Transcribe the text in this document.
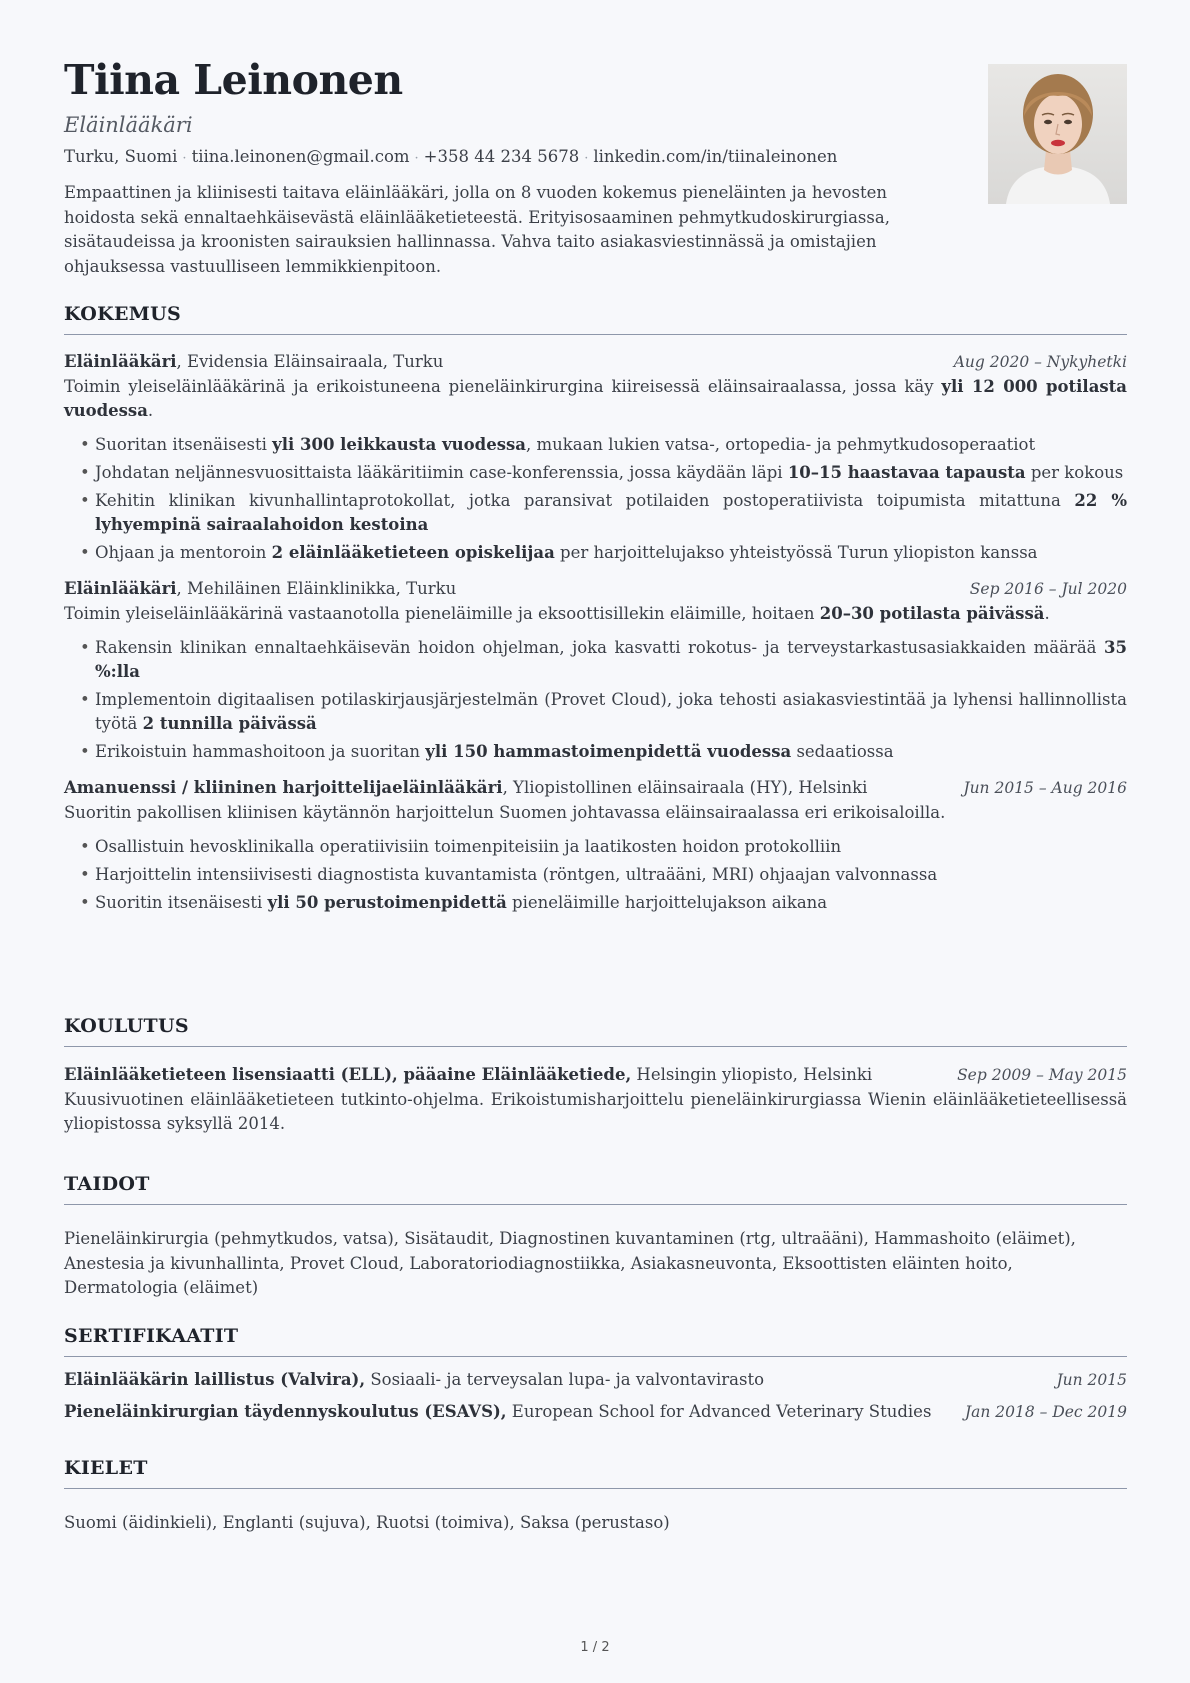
Tiina Leinonen
Eläinlääkäri
Turku, Suomi · tiina.leinonen@gmail.com · +358 44 234 5678 · linkedin.com/in/tiinaleinonen
Empaattinen ja kliinisesti taitava eläinlääkäri, jolla on 8 vuoden kokemus pieneläinten ja hevosten hoidosta sekä ennaltaehkäisevästä eläinlääketieteestä. Erityisosaaminen pehmytkudoskirurgiassa, sisätaudeissa ja kroonisten sairauksien hallinnassa. Vahva taito asiakasviestinnässä ja omistajien ohjauksessa vastuulliseen lemmikkienpitoon.
KOKEMUS
Eläinlääkäri, Evidensia Eläinsairaala, Turku	Aug 2020 – Nykyhetki
Toimin yleiseläinlääkärinä ja erikoistuneena pieneläinkirurgina kiireisessä eläinsairaalassa, jossa käy yli 12 000 potilasta vuodessa.
• Suoritan itsenäisesti yli 300 leikkausta vuodessa, mukaan lukien vatsa-, ortopedia- ja pehmytkudosoperaatiot
• Johdatan neljännesvuosittaista lääkäritiimin case-konferenssia, jossa käydään läpi 10–15 haastavaa tapausta per kokous
• Kehitin klinikan kivunhallintaprotokollat, jotka paransivat potilaiden postoperatiivista toipumista mitattuna 22 % lyhyempinä sairaalahoidon kestoina
• Ohjaan ja mentoroin 2 eläinlääketieteen opiskelijaa per harjoittelujakso yhteistyössä Turun yliopiston kanssa
Eläinlääkäri, Mehiläinen Eläinklinikka, Turku	Sep 2016 – Jul 2020
Toimin yleiseläinlääkärinä vastaanotolla pieneläimille ja eksoottisillekin eläimille, hoitaen 20–30 potilasta päivässä.
• Rakensin klinikan ennaltaehkäisevän hoidon ohjelman, joka kasvatti rokotus- ja terveystarkastusasiakkaiden määrää 35 %:lla
• Implementoin digitaalisen potilaskirjausjärjestelmän (Provet Cloud), joka tehosti asiakasviestintää ja lyhensi hallinnollista työtä 2 tunnilla päivässä
• Erikoistuin hammashoitoon ja suoritan yli 150 hammastoimenpidettä vuodessa sedaatiossa
Amanuenssi / kliininen harjoittelijaeläinlääkäri, Yliopistollinen eläinsairaala (HY), Helsinki	Jun 2015 – Aug 2016
Suoritin pakollisen kliinisen käytännön harjoittelun Suomen johtavassa eläinsairaalassa eri erikoisaloilla.
• Osallistuin hevosklinikalla operatiivisiin toimenpiteisiin ja laatikosten hoidon protokolliin
• Harjoittelin intensiivisesti diagnostista kuvantamista (röntgen, ultraääni, MRI) ohjaajan valvonnassa
• Suoritin itsenäisesti yli 50 perustoimenpidettä pieneläimille harjoittelujakson aikana
KOULUTUS
Eläinlääketieteen lisensiaatti (ELL), pääaine Eläinlääketiede, Helsingin yliopisto, Helsinki	Sep 2009 – May 2015
Kuusivuotinen eläinlääketieteen tutkinto-ohjelma. Erikoistumisharjoittelu pieneläinkirurgiassa Wienin eläinlääketieteellisessä yliopistossa syksyllä 2014.
TAIDOT
Pieneläinkirurgia (pehmytkudos, vatsa), Sisätaudit, Diagnostinen kuvantaminen (rtg, ultraääni), Hammashoito (eläimet), Anestesia ja kivunhallinta, Provet Cloud, Laboratoriodiagnostiikka, Asiakasneuvonta, Eksoottisten eläinten hoito, Dermatologia (eläimet)
SERTIFIKAATIT
Eläinlääkärin laillistus (Valvira), Sosiaali- ja terveysalan lupa- ja valvontavirasto	Jun 2015
Pieneläinkirurgian täydennyskoulutus (ESAVS), European School for Advanced Veterinary Studies Jan 2018 – Dec 2019
KIELET
Suomi (äidinkieli), Englanti (sujuva), Ruotsi (toimiva), Saksa (perustaso)
1 / 2
